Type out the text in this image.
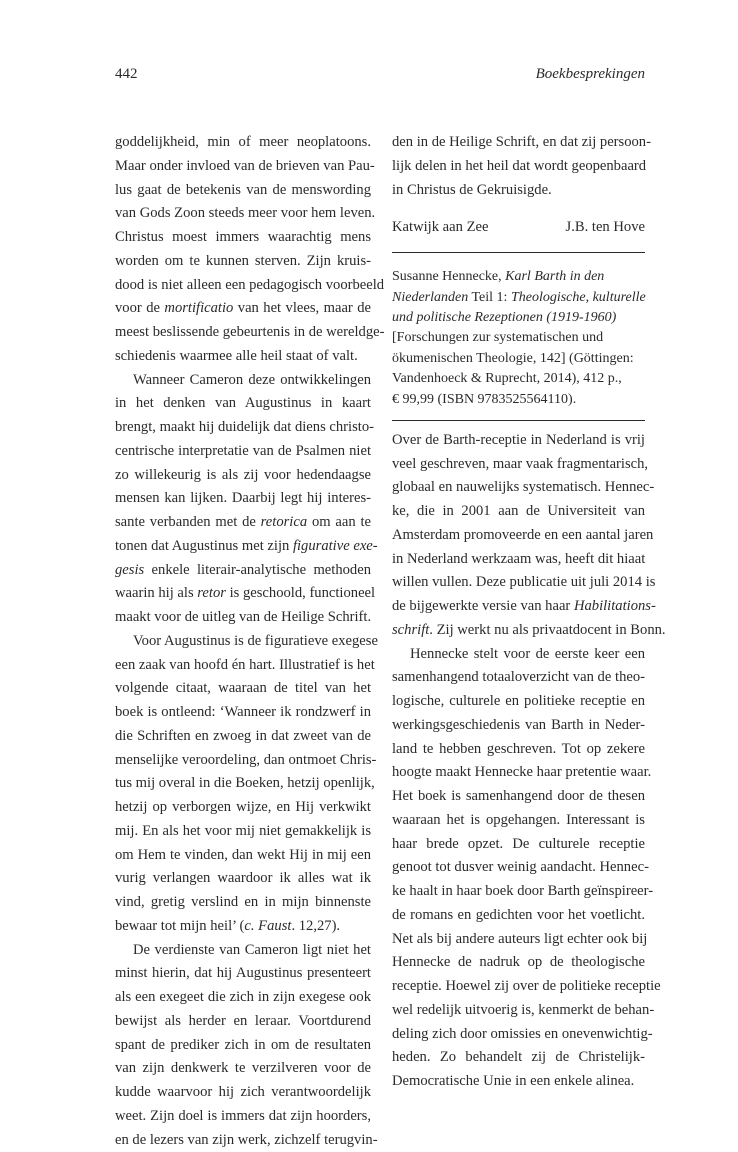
442	Boekbesprekingen
goddelijkheid, min of meer neoplatoons.
Maar onder invloed van de brieven van Pau-
lus gaat de betekenis van de menswording
van Gods Zoon steeds meer voor hem leven.
Christus moest immers waarachtig mens
worden om te kunnen sterven. Zijn kruis-
dood is niet alleen een pedagogisch voorbeeld
voor de mortificatio van het vlees, maar de
meest beslissende gebeurtenis in de wereldge-
schiedenis waarmee alle heil staat of valt.
Wanneer Cameron deze ontwikkelingen
in het denken van Augustinus in kaart
brengt, maakt hij duidelijk dat diens christo-
centrische interpretatie van de Psalmen niet
zo willekeurig is als zij voor hedendaagse
mensen kan lijken. Daarbij legt hij interes-
sante verbanden met de retorica om aan te
tonen dat Augustinus met zijn figurative exe-
gesis enkele literair-analytische methoden
waarin hij als retor is geschoold, functioneel
maakt voor de uitleg van de Heilige Schrift.
Voor Augustinus is de figuratieve exegese
een zaak van hoofd én hart. Illustratief is het
volgende citaat, waaraan de titel van het
boek is ontleend: ‘Wanneer ik rondzwerf in
die Schriften en zwoeg in dat zweet van de
menselijke veroordeling, dan ontmoet Chris-
tus mij overal in die Boeken, hetzij openlijk,
hetzij op verborgen wijze, en Hij verkwikt
mij. En als het voor mij niet gemakkelijk is
om Hem te vinden, dan wekt Hij in mij een
vurig verlangen waardoor ik alles wat ik
vind, gretig verslind en in mijn binnenste
bewaar tot mijn heil’ (c. Faust. 12,27).
De verdienste van Cameron ligt niet het
minst hierin, dat hij Augustinus presenteert
als een exegeet die zich in zijn exegese ook
bewijst als herder en leraar. Voortdurend
spant de prediker zich in om de resultaten
van zijn denkwerk te verzilveren voor de
kudde waarvoor hij zich verantwoordelijk
weet. Zijn doel is immers dat zijn hoorders,
en de lezers van zijn werk, zichzelf terugvin-
den in de Heilige Schrift, en dat zij persoon-
lijk delen in het heil dat wordt geopenbaard
in Christus de Gekruisigde.
Katwijk aan Zee	J.B. ten Hove
Susanne Hennecke, Karl Barth in den
Niederlanden Teil 1: Theologische, kulturelle
und politische Rezeptionen (1919-1960)
[Forschungen zur systematischen und
ökumenischen Theologie, 142] (Göttingen:
Vandenhoeck & Ruprecht, 2014), 412 p.,
€ 99,99 (ISBN 9783525564110).
Over de Barth-receptie in Nederland is vrij
veel geschreven, maar vaak fragmentarisch,
globaal en nauwelijks systematisch. Hennec-
ke, die in 2001 aan de Universiteit van
Amsterdam promoveerde en een aantal jaren
in Nederland werkzaam was, heeft dit hiaat
willen vullen. Deze publicatie uit juli 2014 is
de bijgewerkte versie van haar Habilitations-
schrift. Zij werkt nu als privaatdocent in Bonn.
Hennecke stelt voor de eerste keer een
samenhangend totaaloverzicht van de theo-
logische, culturele en politieke receptie en
werkingsgeschiedenis van Barth in Neder-
land te hebben geschreven. Tot op zekere
hoogte maakt Hennecke haar pretentie waar.
Het boek is samenhangend door de thesen
waaraan het is opgehangen. Interessant is
haar brede opzet. De culturele receptie
genoot tot dusver weinig aandacht. Hennec-
ke haalt in haar boek door Barth geïnspireer-
de romans en gedichten voor het voetlicht.
Net als bij andere auteurs ligt echter ook bij
Hennecke de nadruk op de theologische
receptie. Hoewel zij over de politieke receptie
wel redelijk uitvoerig is, kenmerkt de behan-
deling zich door omissies en onevenwichtig-
heden. Zo behandelt zij de Christelijk-
Democratische Unie in een enkele alinea.
